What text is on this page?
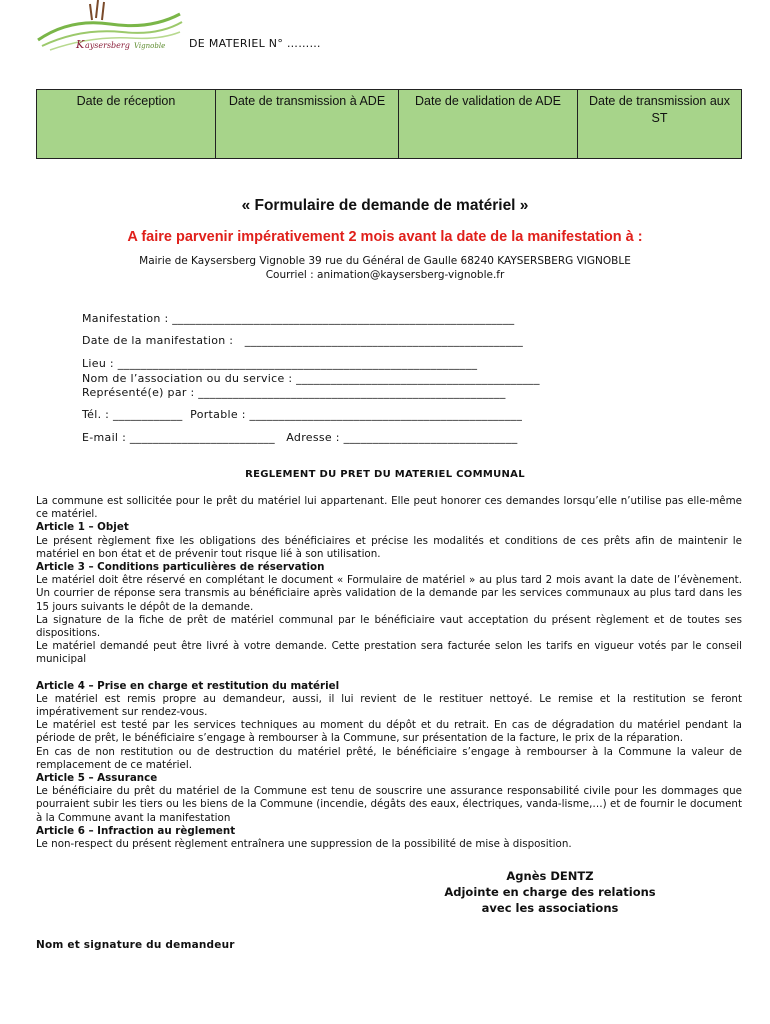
K aysersberg Vignoble DE MATERIEL N° ………
Date de réception	Date de transmission à ADE	Date de validation de ADE	Date de transmission aux ST
« Formulaire de demande de matériel »
A faire parvenir impérativement 2 mois avant la date de la manifestation à :
Mairie de Kaysersberg Vignoble 39 rue du Général de Gaulle 68240 KAYSERSBERG VIGNOBLE
Courriel : animation@kaysersberg-vignoble.fr
Manifestation : ___________________________________________________________
Date de la manifestation :   ________________________________________________
Lieu : ______________________________________________________________
Nom de l’association ou du service : __________________________________________
Représenté(e) par : _____________________________________________________
Tél. : ____________  Portable : _______________________________________________
E-mail : _________________________   Adresse : ______________________________
REGLEMENT DU PRET DU MATERIEL COMMUNAL

La commune est sollicitée pour le prêt du matériel lui appartenant. Elle peut honorer ces demandes lorsqu’elle n’utilise pas elle-même ce matériel.

Article 1 – Objet

Le présent règlement fixe les obligations des bénéficiaires et précise les modalités et conditions de ces prêts afin de maintenir le matériel en bon état et de prévenir tout risque lié à son utilisation.

Article 3 – Conditions particulières de réservation

Le matériel doit être réservé en complétant le document « Formulaire de matériel » au plus tard 2 mois avant la date de l’évènement. Un courrier de réponse sera transmis au bénéficiaire après validation de la demande par les services communaux au plus tard dans les 15 jours suivants le dépôt de la demande.

La signature de la fiche de prêt de matériel communal par le bénéficiaire vaut acceptation du présent règlement et de toutes ses dispositions.

Le matériel demandé peut être livré à votre demande. Cette prestation sera facturée selon les tarifs en vigueur votés par le conseil municipal

Article 4 – Prise en charge et restitution du matériel

Le matériel est remis propre au demandeur, aussi, il lui revient de le restituer nettoyé. Le remise et la restitution se feront impérativement sur rendez-vous.

Le matériel est testé par les services techniques au moment du dépôt et du retrait. En cas de dégradation du matériel pendant la période de prêt, le bénéficiaire s’engage à rembourser à la Commune, sur présentation de la facture, le prix de la réparation.

En cas de non restitution ou de destruction du matériel prêté, le bénéficiaire s’engage à rembourser à la Commune la valeur de remplacement de ce matériel.

Article 5 – Assurance

Le bénéficiaire du prêt du matériel de la Commune est tenu de souscrire une assurance responsabilité civile pour les dommages que pourraient subir les tiers ou les biens de la Commune (incendie, dégâts des eaux, électriques, vanda-lisme,…) et de fournir le document à la Commune avant la manifestation

Article 6 – Infraction au règlement

Le non-respect du présent règlement entraînera une suppression de la possibilité de mise à disposition.

Agnès DENTZ
Adjointe en charge des relations
avec les associations
Nom et signature du demandeur
